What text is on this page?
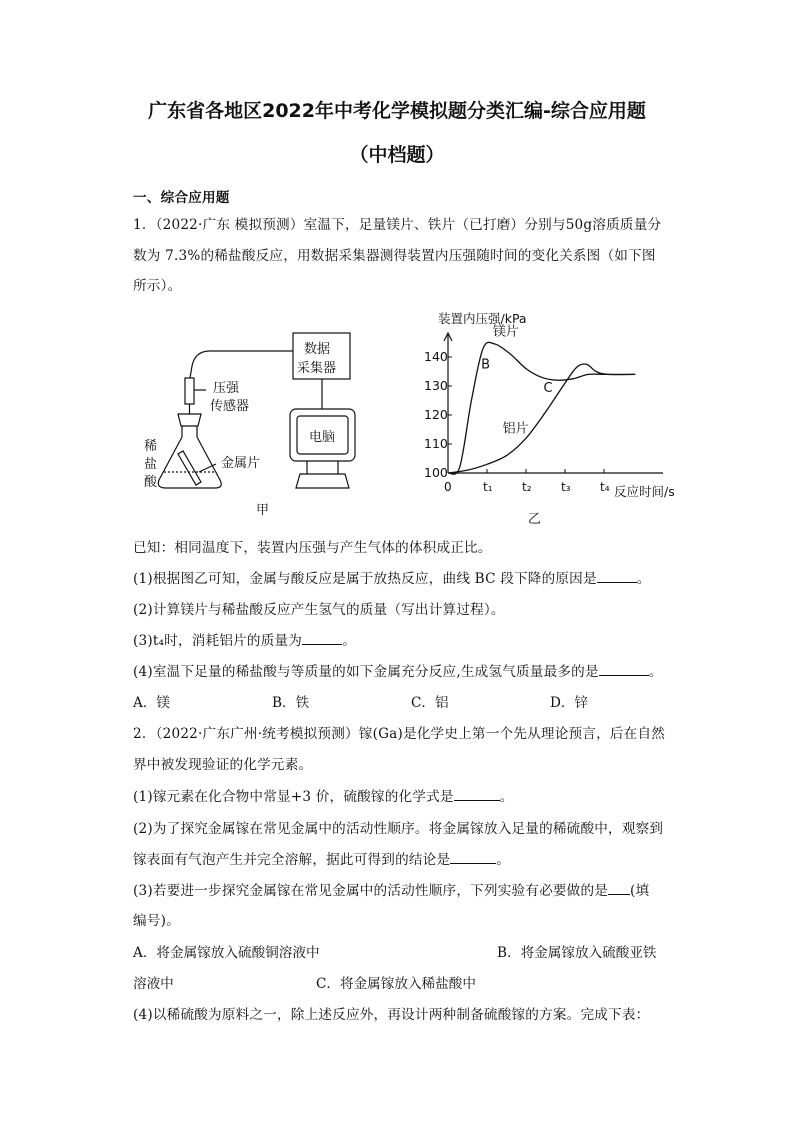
广东省各地区2022年中考化学模拟题分类汇编-综合应用题
（中档题）
一、综合应用题
1．（2022·广东 模拟预测）室温下，足量镁片、铁片（已打磨）分别与50g溶质质量分
数为 7.3%的稀盐酸反应，用数据采集器测得装置内压强随时间的变化关系图（如下图
所示）。
压强
传感器
数据
采集器
电脑
金属片
稀
盐
酸
甲
100
110
120
130
140
0	t₁ t₂ t₃ t₄
镁片
铝片
B
C
装置内压强/kPa
反应时间/s
乙
已知：相同温度下，装置内压强与产生气体的体积成正比。
(1)根据图乙可知，金属与酸反应是属于放热反应，曲线 BC 段下降的原因是	。
(2)计算镁片与稀盐酸反应产生氢气的质量（写出计算过程）。
(3)t₄时，消耗铝片的质量为	。
(4)室温下足量的稀盐酸与等质量的如下金属充分反应,生成氢气质量最多的是	。
A．镁	B．铁	C．铝	D．锌
2．（2022·广东广州·统考模拟预测）镓(Ga)是化学史上第一个先从理论预言，后在自然
界中被发现验证的化学元素。
(1)镓元素在化合物中常显+3 价，硫酸镓的化学式是	。
(2)为了探究金属镓在常见金属中的活动性顺序。将金属镓放入足量的稀硫酸中，观察到
镓表面有气泡产生并完全溶解，据此可得到的结论是	。
(3)若要进一步探究金属镓在常见金属中的活动性顺序，下列实验有必要做的是 (填
编号)。
A．将金属镓放入硫酸铜溶液中	B．将金属镓放入硫酸亚铁
溶液中	C．将金属镓放入稀盐酸中
(4)以稀硫酸为原料之一，除上述反应外，再设计两种制备硫酸镓的方案。完成下表：
